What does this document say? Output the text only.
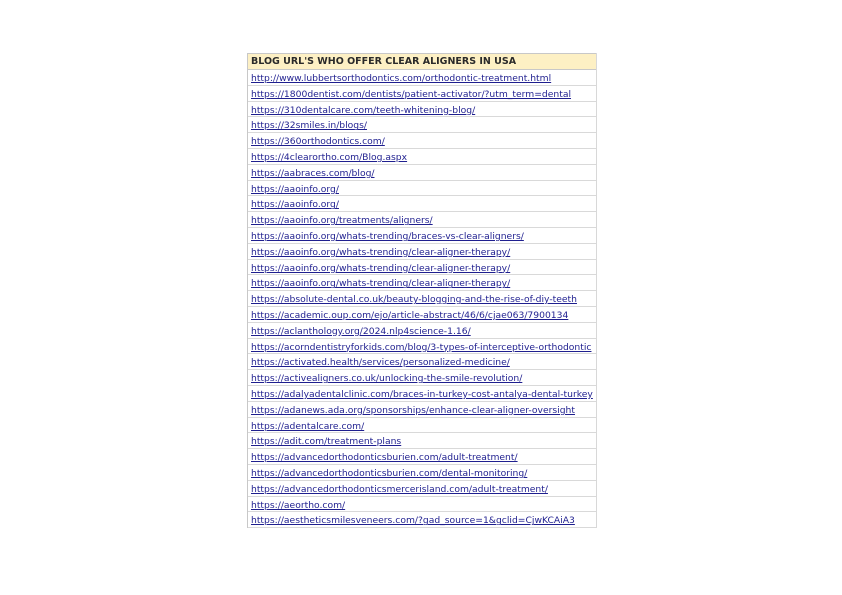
BLOG URL'S WHO OFFER CLEAR ALIGNERS IN USA
http://www.lubbertsorthodontics.com/orthodontic-treatment.html
https://1800dentist.com/dentists/patient-activator/?utm_term=dental
https://310dentalcare.com/teeth-whitening-blog/
https://32smiles.in/blogs/
https://360orthodontics.com/
https://4clearortho.com/Blog.aspx
https://aabraces.com/blog/
https://aaoinfo.org/
https://aaoinfo.org/
https://aaoinfo.org/treatments/aligners/
https://aaoinfo.org/whats-trending/braces-vs-clear-aligners/
https://aaoinfo.org/whats-trending/clear-aligner-therapy/
https://aaoinfo.org/whats-trending/clear-aligner-therapy/
https://aaoinfo.org/whats-trending/clear-aligner-therapy/
https://absolute-dental.co.uk/beauty-blogging-and-the-rise-of-diy-teeth
https://academic.oup.com/ejo/article-abstract/46/6/cjae063/7900134
https://aclanthology.org/2024.nlp4science-1.16/
https://acorndentistryforkids.com/blog/3-types-of-interceptive-orthodontic
https://activated.health/services/personalized-medicine/
https://activealigners.co.uk/unlocking-the-smile-revolution/
https://adalyadentalclinic.com/braces-in-turkey-cost-antalya-dental-turkey
https://adanews.ada.org/sponsorships/enhance-clear-aligner-oversight
https://adentalcare.com/
https://adit.com/treatment-plans
https://advancedorthodonticsburien.com/adult-treatment/
https://advancedorthodonticsburien.com/dental-monitoring/
https://advancedorthodonticsmercerisland.com/adult-treatment/
https://aeortho.com/
https://aestheticsmilesveneers.com/?gad_source=1&gclid=CjwKCAiA3
